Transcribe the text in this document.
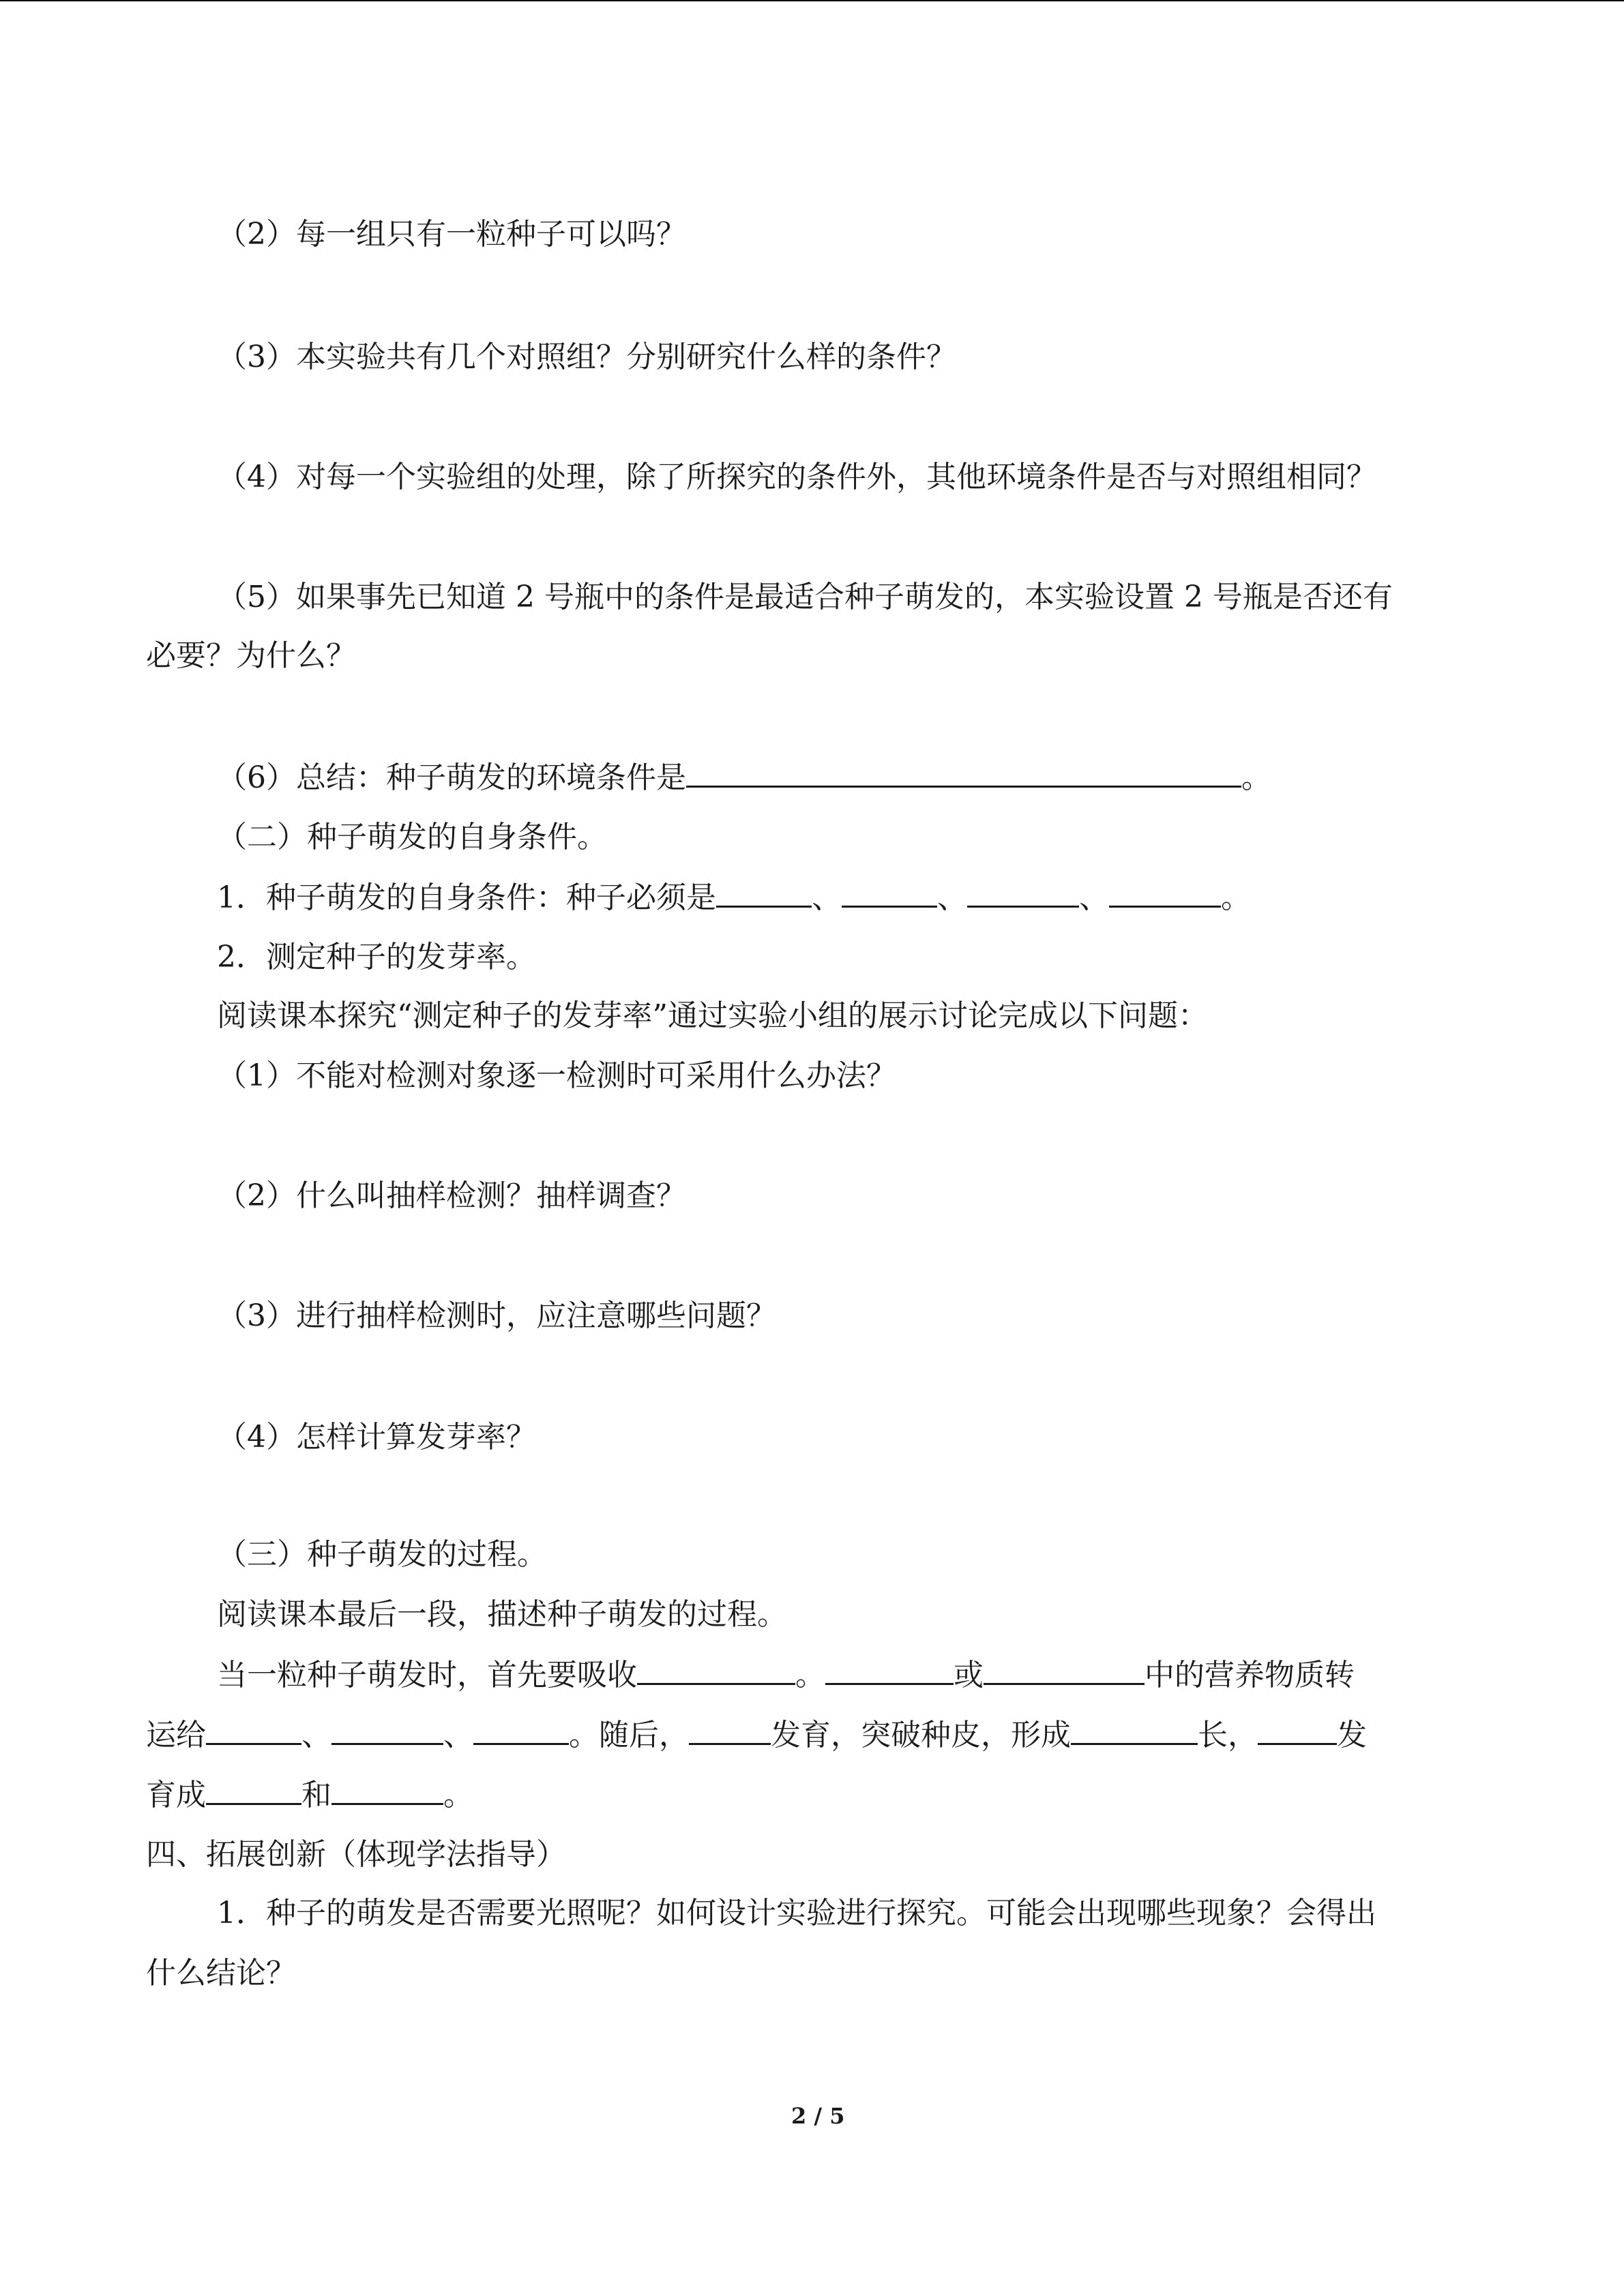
（2）每一组只有一粒种子可以吗？
（3）本实验共有几个对照组？分别研究什么样的条件？
（4）对每一个实验组的处理，除了所探究的条件外，其他环境条件是否与对照组相同？
（5）如果事先已知道 2 号瓶中的条件是最适合种子萌发的，本实验设置 2 号瓶是否还有
必要？为什么？
（6）总结：种子萌发的环境条件是	。
（二）种子萌发的自身条件。
1．种子萌发的自身条件：种子必须是	、	、	、	。
2．测定种子的发芽率。
阅读课本探究“测定种子的发芽率”通过实验小组的展示讨论完成以下问题：
（1）不能对检测对象逐一检测时可采用什么办法？
（2）什么叫抽样检测？抽样调查？
（3）进行抽样检测时，应注意哪些问题？
（4）怎样计算发芽率？
（三）种子萌发的过程。
阅读课本最后一段，描述种子萌发的过程。
当一粒种子萌发时，首先要吸收	。	或	中的营养物质转
运给	、	、	。随后，	发育，突破种皮，形成	长，	发
育成	和	。
四、拓展创新（体现学法指导）
1．种子的萌发是否需要光照呢？如何设计实验进行探究。可能会出现哪些现象？会得出
什么结论？
2 / 5
